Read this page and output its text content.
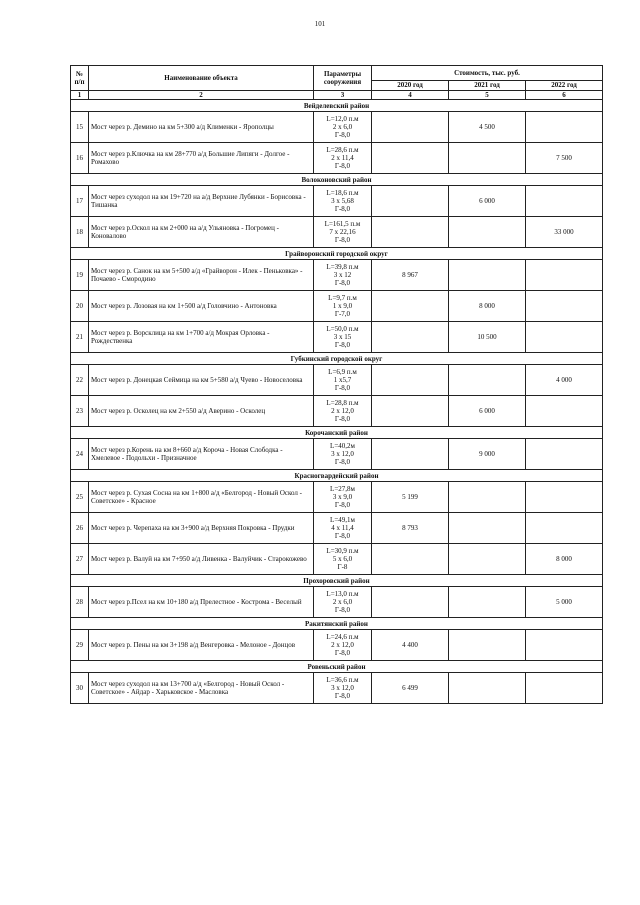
101
№ п/п	Наименование объекта	Параметры сооружения	Стоимость, тыс. руб.		
			2020 год	2021 год	2022 год
1	2	3	4	5	6
Вейделевский район					
15	Мост через р. Демино на км 5+300 а/д Клименки - Ярополцы	L=12,0 п.м
2 х 6,0
Г-8,0		4 500	
16	Мост через р.Ключка на км 28+770 а/д Большие Липяги - Долгое - Ромахово	L=28,6 п.м
2 х 11,4
Г-8,0			7 500
Волоконовский район					
17	Мост через суходол на км 19+720 на а/д Верхние Лубянки - Борисовка - Тишанка	L=18,6 п.м
3 х 5,68
Г-8,0		6 000	
18	Мост через р.Оскол на км 2+000 на а/д Ульяновка - Погромец - Коновалово	L=161,5 п.м
7 х 22,16
Г-8,0			33 000
Грайворонский городской округ					
19	Мост через р. Санок на км 5+500 а/д «Грайворон - Илек - Пеньковка» - Почаево - Смородино	L=39,8 п.м
3 х 12
Г-8,0	8 967		
20	Мост через р. Лозовая на км 1+500 а/д Головчино - Антоновка	L=9,7 п.м
1 х 9,0
Г-7,0		8 000	
21	Мост через р. Ворсклица на км 1+700 а/д Мокрая Орловка - Рождественка	L=50,0 п.м
3 х 15
Г-8,0		10 500	
Губкинский городской округ					
22	Мост через р. Донецкая Сеймица на км 5+580 а/д Чуево - Новоселовка	L=6,9 п.м
1 х5,7
Г-8,0			4 000
23	Мост через р. Осколец на км 2+550 а/д Аверино - Осколец	L=28,8 п.м
2 х 12,0
Г-8,0		6 000	
Корочанский район					
24	Мост через р.Корень на км 8+660 а/д Короча - Новая Слободка - Хмелевое - Подольхи - Призначное	L=40,2м
3 х 12,0
Г-8,0		9 000	
Красногвардейский район					
25	Мост через р. Сухая Сосна на км 1+800 а/д «Белгород - Новый Оскол - Советское» - Красное	L=27,8м
3 х 9,0
Г-8,0	5 199		
26	Мост через р. Черепаха на км 3+900 а/д Верхняя Покровка - Прудки	L=49,1м
4 х 11,4
Г-8,0	8 793		
27	Мост через р. Валуй на км 7+950 а/д Ливенка - Валуйчик - Старокожево	L=30,9 п.м
5 х 6,0
Г-8			8 000
Прохоровский район					
28	Мост через р.Псел на км 10+180 а/д Прелестное - Кострома - Веселый	L=13,0 п.м
2 х 6,0
Г-8,0			5 000
Ракитянский район					
29	Мост через р. Пены на км 3+198 а/д Венгеровка - Мелоное - Донцов	L=24,6 п.м
2 х 12,0
Г-8,0	4 400		
Ровеньский район					
30	Мост через суходол на км 13+700 а/д «Белгород - Новый Оскол - Советское» - Айдар - Харьковское - Масловка	L=36,6 п.м
3 х 12,0
Г-8,0	6 499		
